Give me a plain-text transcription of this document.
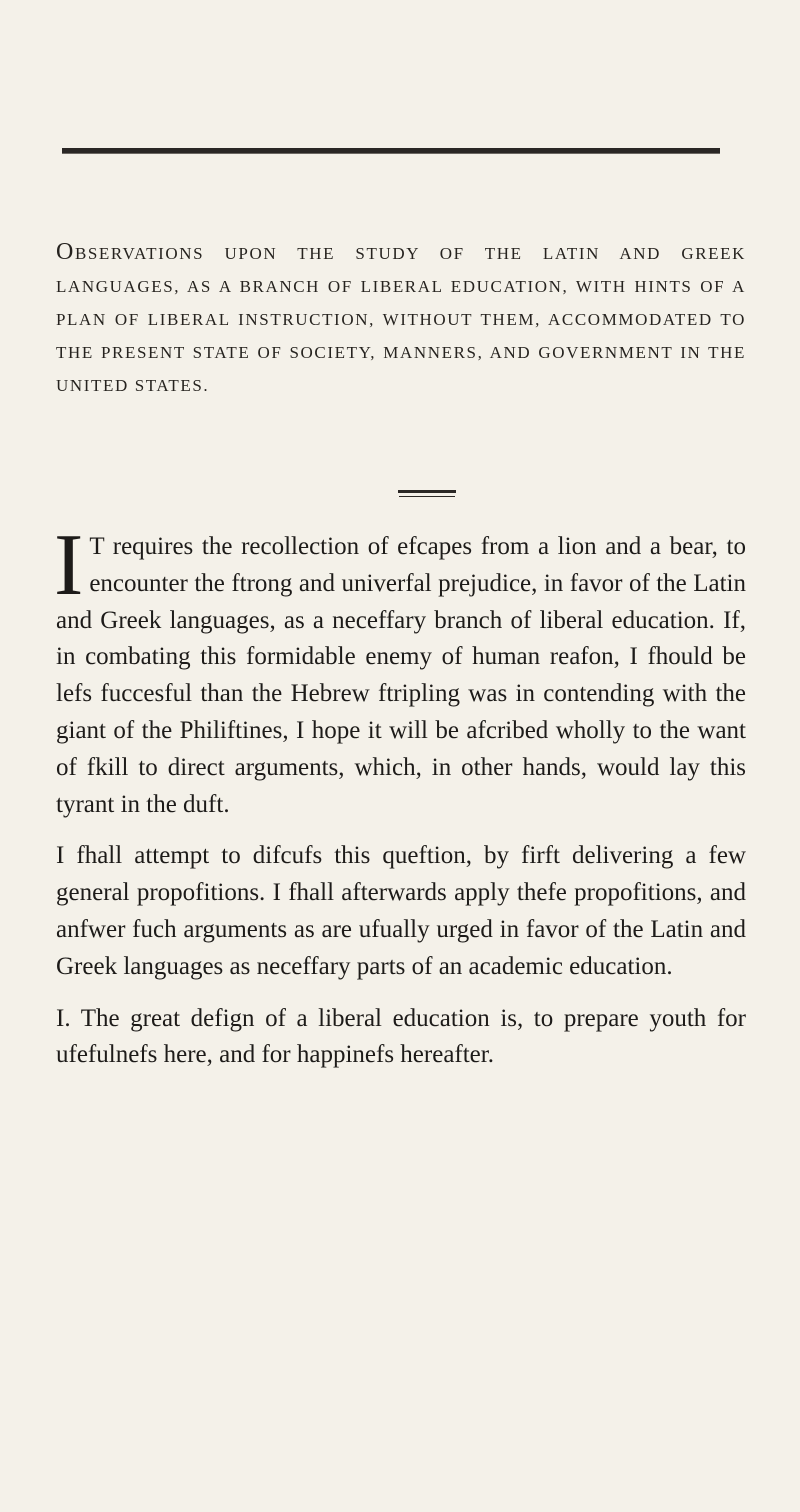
OBSERVATIONS UPON THE STUDY OF THE LATIN AND GREEK LANGUAGES, AS A BRANCH OF LIBERAL EDUCATION, WITH HINTS OF A PLAN OF LIBERAL INSTRUCTION, WITHOUT THEM, ACCOMMODATED TO THE PRESENT STATE OF SOCIETY, MANNERS, AND GOVERNMENT IN THE UNITED STATES.

I T requires the recollection of efcapes from a lion and a bear, to encounter the ftrong and univerfal prejudice, in favor of the Latin and Greek languages, as a neceffary branch of liberal education. If, in combating this formidable enemy of human reafon, I fhould be lefs fuccesful than the Hebrew ftripling was in contending with the giant of the Philiftines, I hope it will be afcribed wholly to the want of fkill to direct arguments, which, in other hands, would lay this tyrant in the duft.

I fhall attempt to difcufs this queftion, by firft delivering a few general propofitions. I fhall afterwards apply thefe propofitions, and anfwer fuch arguments as are ufually urged in favor of the Latin and Greek languages as neceffary parts of an academic education.

I. The great defign of a liberal education is, to prepare youth for ufefulnefs here, and for happinefs hereafter.
